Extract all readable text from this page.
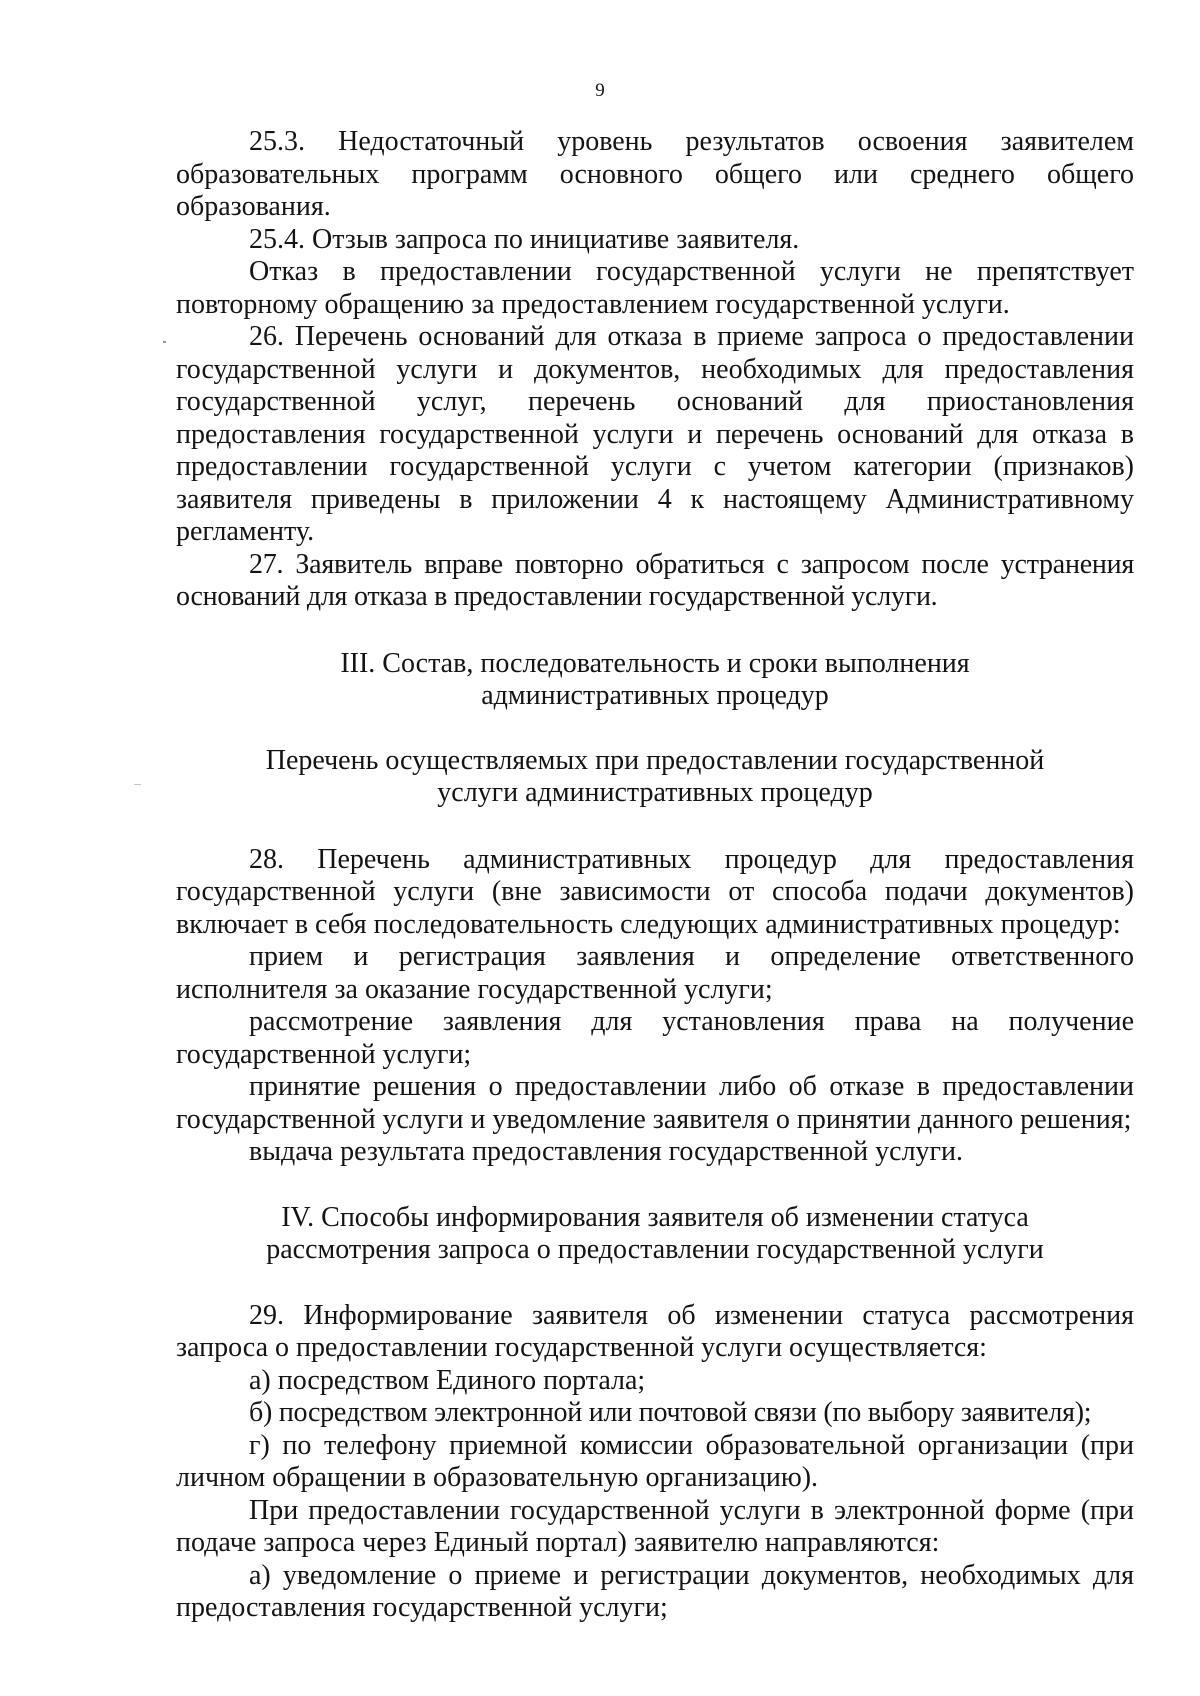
9

25.3. Недостаточный уровень результатов освоения заявителем образовательных программ основного общего или среднего общего образования.

25.4. Отзыв запроса по инициативе заявителя.

Отказ в предоставлении государственной услуги не препятствует повторному обращению за предоставлением государственной услуги.

26. Перечень оснований для отказа в приеме запроса о предоставлении государственной услуги и документов, необходимых для предоставления государственной услуг, перечень оснований для приостановления предоставления государственной услуги и перечень оснований для отказа в предоставлении государственной услуги с учетом категории (признаков) заявителя приведены в приложении 4 к настоящему Административному регламенту.

27. Заявитель вправе повторно обратиться с запросом после устранения оснований для отказа в предоставлении государственной услуги.

III. Состав, последовательность и сроки выполнения
административных процедур

Перечень осуществляемых при предоставлении государственной
услуги административных процедур

28. Перечень административных процедур для предоставления государственной услуги (вне зависимости от способа подачи документов) включает в себя последовательность следующих административных процедур:

прием и регистрация заявления и определение ответственного исполнителя за оказание государственной услуги;

рассмотрение заявления для установления права на получение государственной услуги;

принятие решения о предоставлении либо об отказе в предоставлении государственной услуги и уведомление заявителя о принятии данного решения;

выдача результата предоставления государственной услуги.

IV. Способы информирования заявителя об изменении статуса
рассмотрения запроса о предоставлении государственной услуги

29. Информирование заявителя об изменении статуса рассмотрения запроса о предоставлении государственной услуги осуществляется:

а) посредством Единого портала;

б) посредством электронной или почтовой связи (по выбору заявителя);

г) по телефону приемной комиссии образовательной организации (при личном обращении в образовательную организацию).

При предоставлении государственной услуги в электронной форме (при подаче запроса через Единый портал) заявителю направляются:

а) уведомление о приеме и регистрации документов, необходимых для предоставления государственной услуги;
